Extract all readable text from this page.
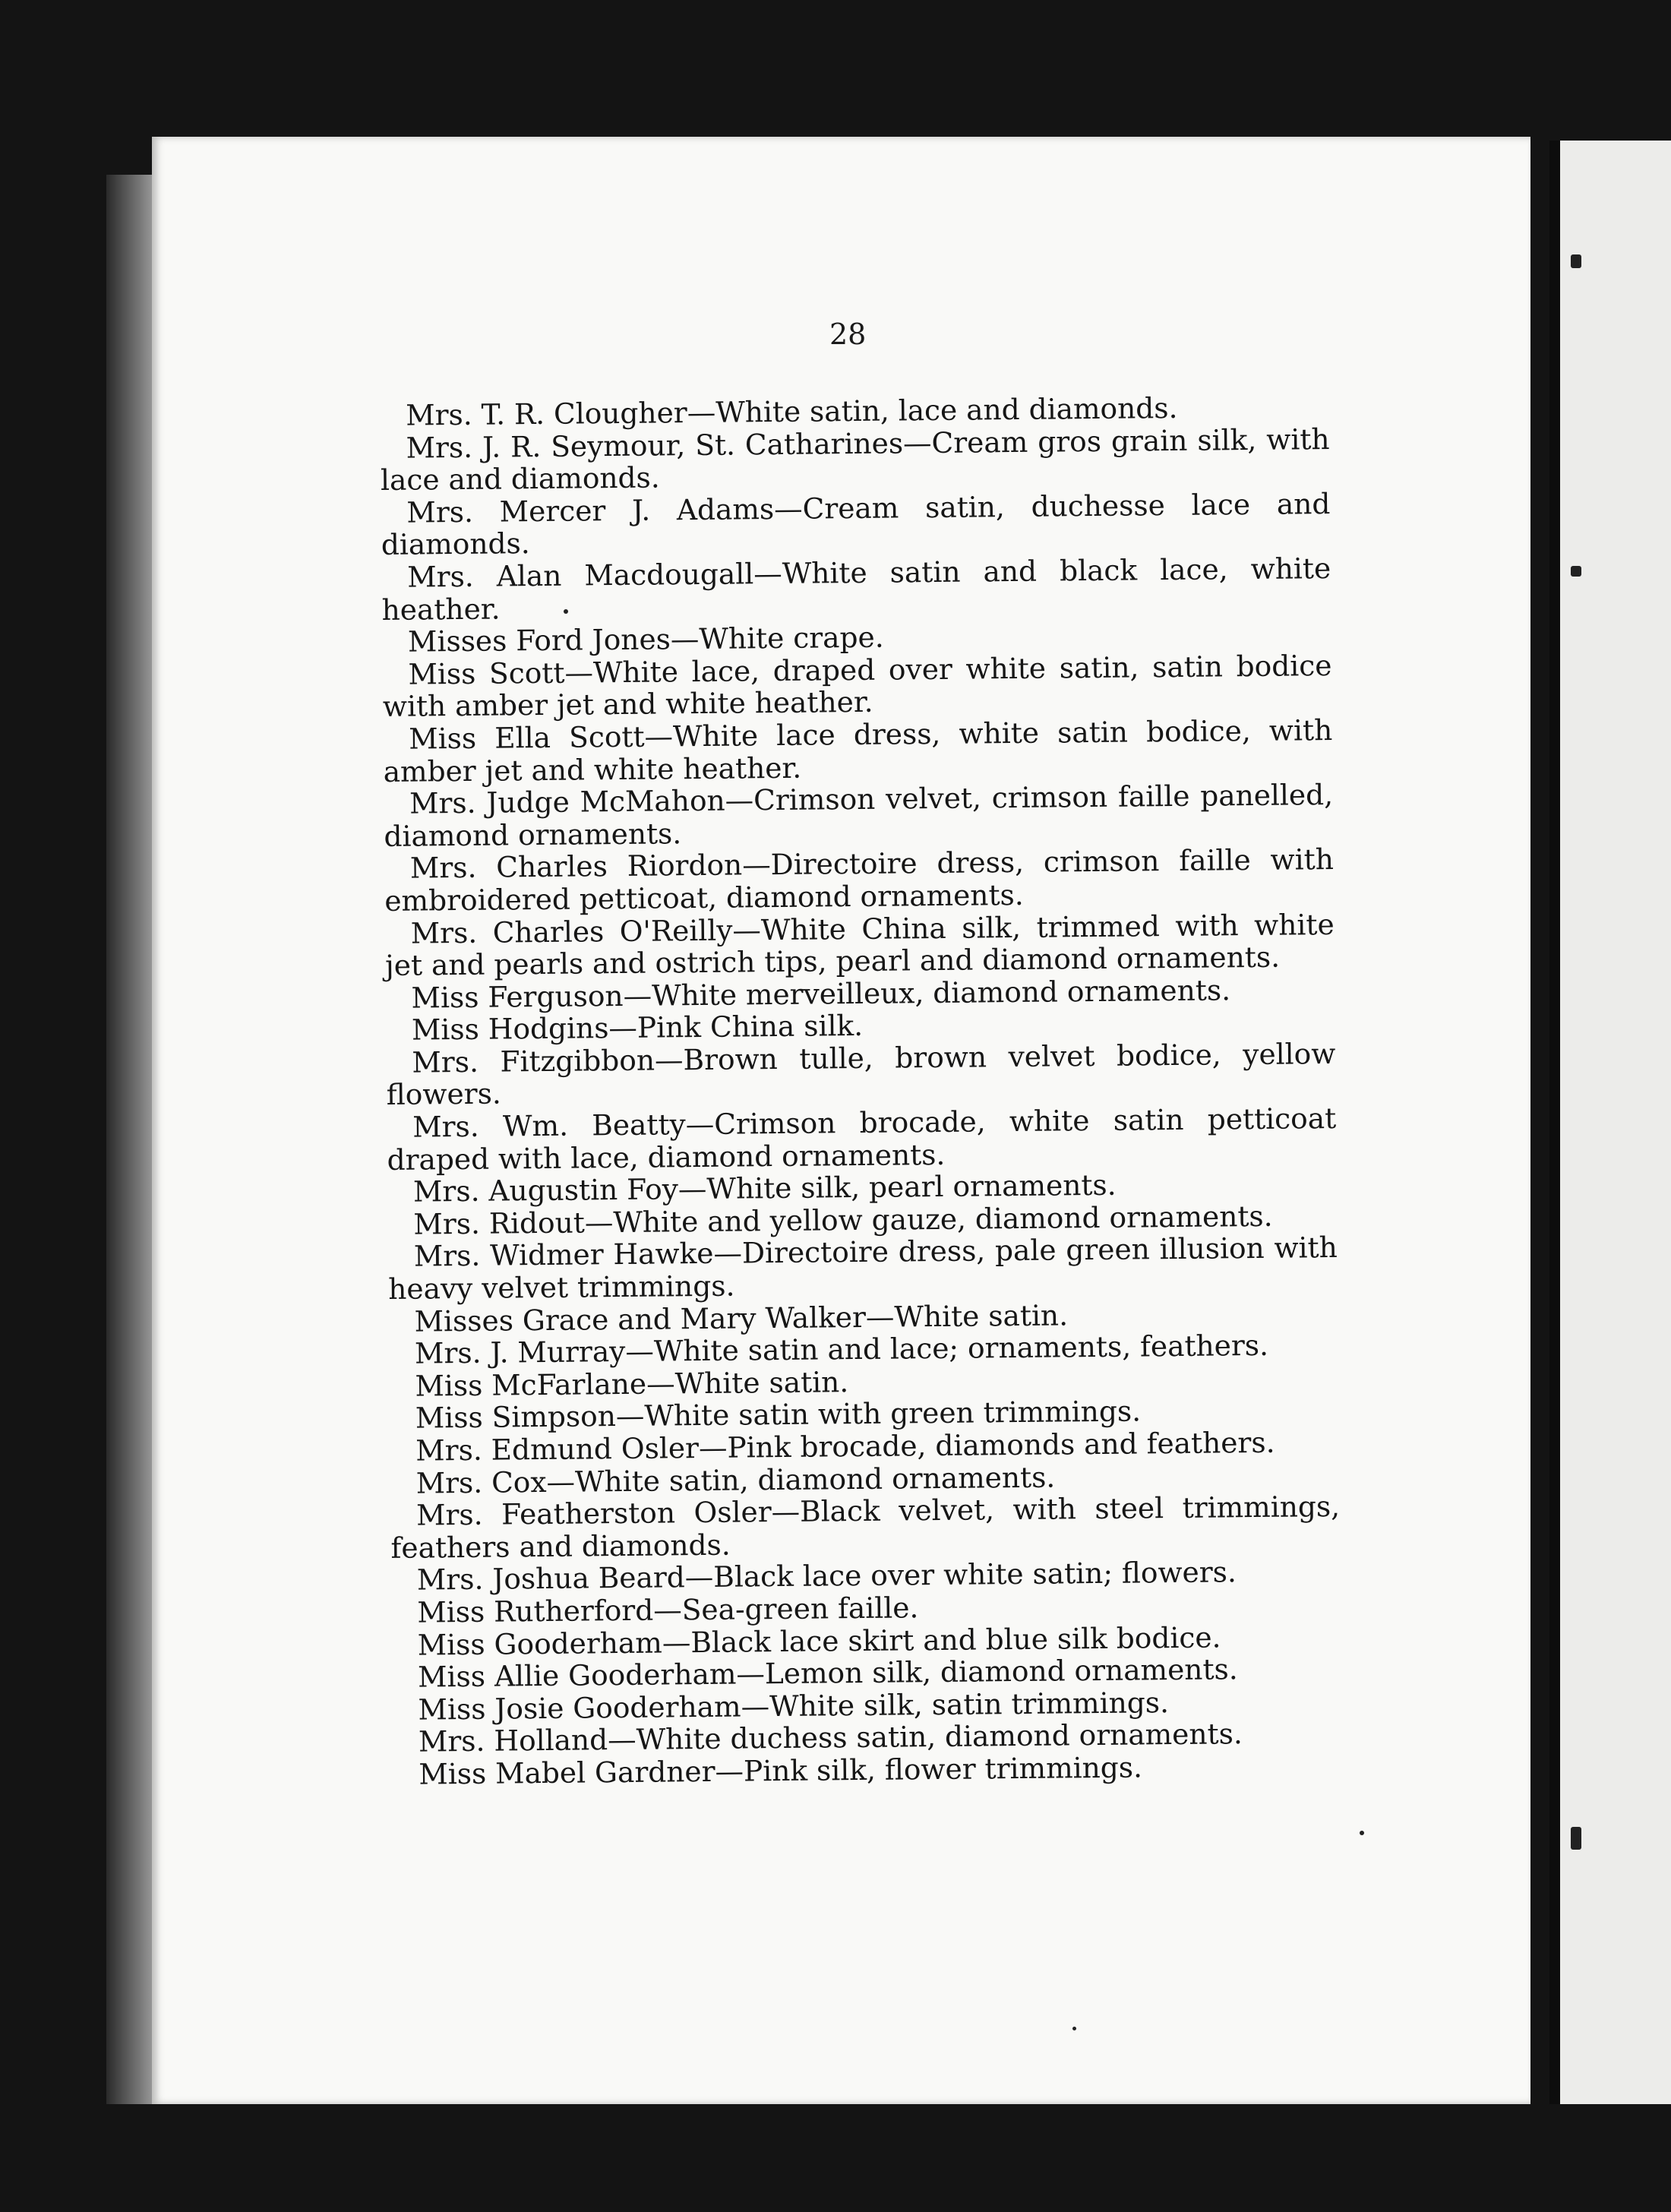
28

Mrs. T. R. Clougher—White satin, lace and diamonds.

Mrs. J. R. Seymour, St. Catharines—Cream gros grain silk, with lace and diamonds.

Mrs. Mercer J. Adams—Cream satin, duchesse lace and diamonds.

Mrs. Alan Macdougall—White satin and black lace, white heather.

Misses Ford Jones—White crape.

Miss Scott—White lace, draped over white satin, satin bodice with amber jet and white heather.

Miss Ella Scott—White lace dress, white satin bodice, with amber jet and white heather.

Mrs. Judge McMahon—Crimson velvet, crimson faille panelled, diamond ornaments.

Mrs. Charles Riordon—Directoire dress, crimson faille with embroidered petticoat, diamond ornaments.

Mrs. Charles O'Reilly—White China silk, trimmed with white jet and pearls and ostrich tips, pearl and diamond ornaments.

Miss Ferguson—White merveilleux, diamond ornaments.

Miss Hodgins—Pink China silk.

Mrs. Fitzgibbon—Brown tulle, brown velvet bodice, yellow flowers.

Mrs. Wm. Beatty—Crimson brocade, white satin petticoat draped with lace, diamond ornaments.

Mrs. Augustin Foy—White silk, pearl ornaments.

Mrs. Ridout—White and yellow gauze, diamond ornaments.

Mrs. Widmer Hawke—Directoire dress, pale green illusion with heavy velvet trimmings.

Misses Grace and Mary Walker—White satin.

Mrs. J. Murray—White satin and lace; ornaments, feathers.

Miss McFarlane—White satin.

Miss Simpson—White satin with green trimmings.

Mrs. Edmund Osler—Pink brocade, diamonds and feathers.

Mrs. Cox—White satin, diamond ornaments.

Mrs. Featherston Osler—Black velvet, with steel trimmings, feathers and diamonds.

Mrs. Joshua Beard—Black lace over white satin; flowers.

Miss Rutherford—Sea-green faille.

Miss Gooderham—Black lace skirt and blue silk bodice.

Miss Allie Gooderham—Lemon silk, diamond ornaments.

Miss Josie Gooderham—White silk, satin trimmings.

Mrs. Holland—White duchess satin, diamond ornaments.

Miss Mabel Gardner—Pink silk, flower trimmings.
